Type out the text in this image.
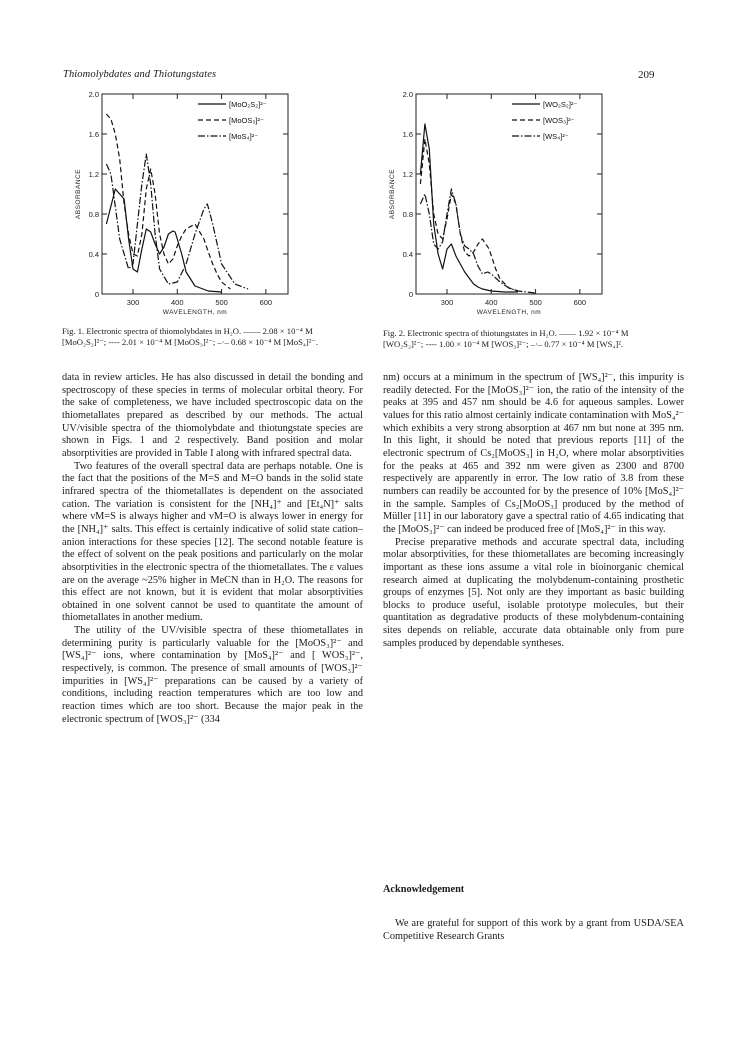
Thiomolybdates and Thiotungstates	209
0
0.4
0.8
1.2
1.6
2.0
300	400	500	600
WAVELENGTH, nm
ABSORBANCE
[MoO₂S₂]²⁻
[MoOS₃]²⁻
[MoS₄]²⁻
Fig. 1. Electronic spectra of thiomolybdates in H₂O. —— 2.08 × 10⁻⁴ M [MoO₂S₂]²⁻; ---- 2.01 × 10⁻⁴ M [MoOS₃]²⁻; –·– 0.68 × 10⁻⁴ M [MoS₄]²⁻.
0
0.4
0.8
1.2
1.6
2.0
300	400	500	600
WAVELENGTH, nm
ABSORBANCE
[WO₂S₂]²⁻
[WOS₃]²⁻
[WS₄]²⁻
Fig. 2. Electronic spectra of thiotungstates in H₂O. —— 1.92 × 10⁻⁴ M [WO₂S₂]²⁻; ---- 1.00 × 10⁻⁴ M [WOS₃]²⁻; –·– 0.77 × 10⁻⁴ M [WS₄]².

data in review articles. He has also discussed in detail the bonding and spectroscopy of these species in terms of molecular orbital theory. For the sake of completeness, we have included spectroscopic data on the thiometallates prepared as described by our methods. The actual UV/visible spectra of the thiomolybdate and thiotungstate species are shown in Figs. 1 and 2 respectively. Band position and molar absorptivities are provided in Table I along with infrared spectral data.

Two features of the overall spectral data are perhaps notable. One is the fact that the positions of the M=S and M=O bands in the solid state infrared spectra of the thiometallates is dependent on the associated cation. The variation is consistent for the [NH₄]⁺ and [Et₄N]⁺ salts where νM=S is always higher and νM=O is always lower in energy for the [NH₄]⁺ salts. This effect is certainly indicative of solid state cation–anion interactions for these species [12]. The second notable feature is the effect of solvent on the peak positions and particularly on the molar absorptivities in the electronic spectra of the thiometallates. The ε values are on the average ~25% higher in MeCN than in H₂O. The reasons for this effect are not known, but it is evident that molar absorptivities obtained in one solvent cannot be used to quantitate the amount of thiometallates in another medium.

The utility of the UV/visible spectra of these thiometallates in determining purity is particularly valuable for the [MoOS₃]²⁻ and [WS₄]²⁻ ions, where contamination by [MoS₄]²⁻ and [ WOS₃]²⁻, respectively, is common. The presence of small amounts of [WOS₃]²⁻ impurities in [WS₄]²⁻ preparations can be caused by a variety of conditions, including reaction temperatures which are too low and reaction times which are too short. Because the major peak in the electronic spectrum of [WOS₃]²⁻ (334

nm) occurs at a minimum in the spectrum of [WS₄]²⁻, this impurity is readily detected. For the [MoOS₃]²⁻ ion, the ratio of the intensity of the peaks at 395 and 457 nm should be 4.6 for aqueous samples. Lower values for this ratio almost certainly indicate contamination with MoS₄²⁻ which exhibits a very strong absorption at 467 nm but none at 395 nm. In this light, it should be noted that previous reports [11] of the electronic spectrum of Cs₂[MoOS₃] in H₂O, where molar absorptivities for the peaks at 465 and 392 nm were given as 2300 and 8700 respectively are apparently in error. The low ratio of 3.8 from these numbers can readily be accounted for by the presence of 10% [MoS₄]²⁻ in the sample. Samples of Cs₂[MoOS₃] produced by the method of Müller [11] in our laboratory gave a spectral ratio of 4.65 indicating that the [MoOS₃]²⁻ can indeed be produced free of [MoS₄]²⁻ in this way.

Precise preparative methods and accurate spectral data, including molar absorptivities, for these thiometallates are becoming increasingly important as these ions assume a vital role in bioinorganic chemical research aimed at duplicating the molybdenum-containing prosthetic groups of enzymes [5]. Not only are they important as basic building blocks to produce useful, isolable prototype molecules, but their quantitation as degradative products of these molybdenum-containing sites depends on reliable, accurate data obtainable only from pure samples produced by dependable syntheses.

Acknowledgement

We are grateful for support of this work by a grant from USDA/SEA Competitive Research Grants
